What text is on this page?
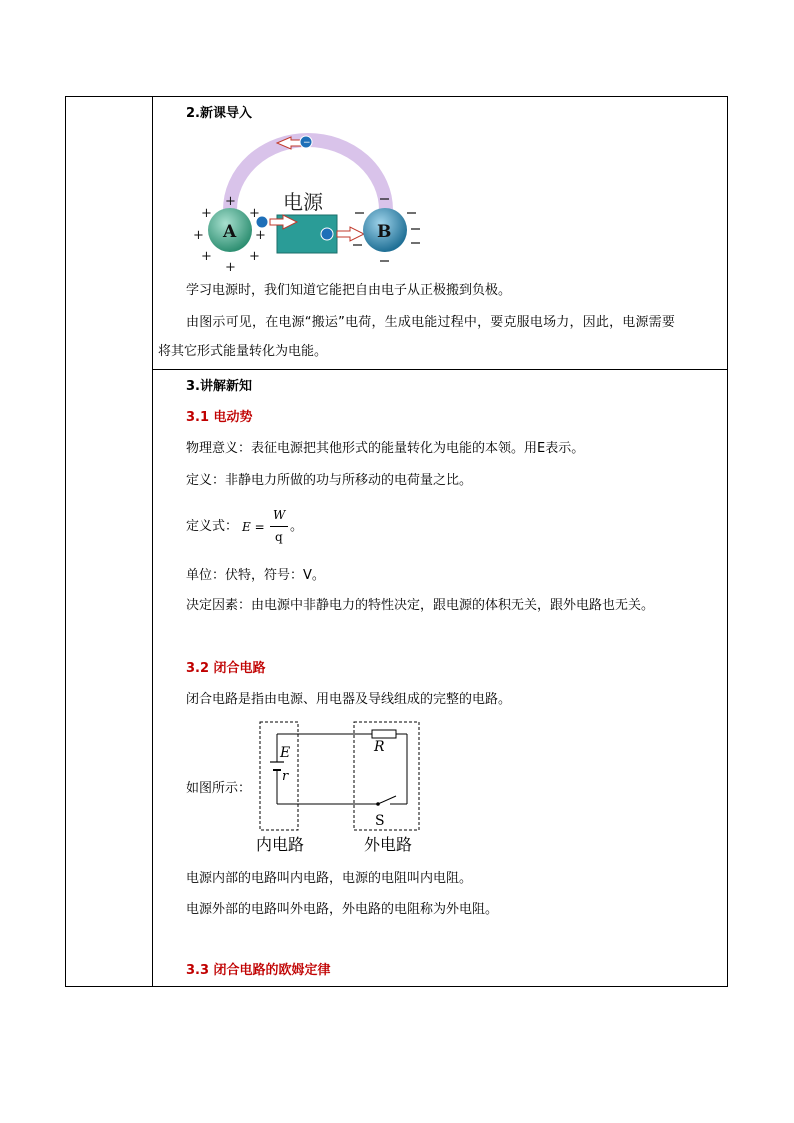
2.新课导入
−
电源
A
+
+
+
+	+
+	+
+
B
学习电源时，我们知道它能把自由电子从正极搬到负极。
由图示可见，在电源“搬运”电荷，生成电能过程中，要克服电场力，因此，电源需要
将其它形式能量转化为电能。
3.讲解新知
3.1 电动势
物理意义：表征电源把其他形式的能量转化为电能的本领。用E表示。
定义：非静电力所做的功与所移动的电荷量之比。
定义式： E =
W
q
。
单位：伏特，符号：V。
决定因素：由电源中非静电力的特性决定，跟电源的体积无关，跟外电路也无关。
3.2 闭合电路
闭合电路是指由电源、用电器及导线组成的完整的电路。
如图所示：
E
r
R
S
内电路	外电路
电源内部的电路叫内电路，电源的电阻叫内电阻。
电源外部的电路叫外电路，外电路的电阻称为外电阻。
3.3 闭合电路的欧姆定律
